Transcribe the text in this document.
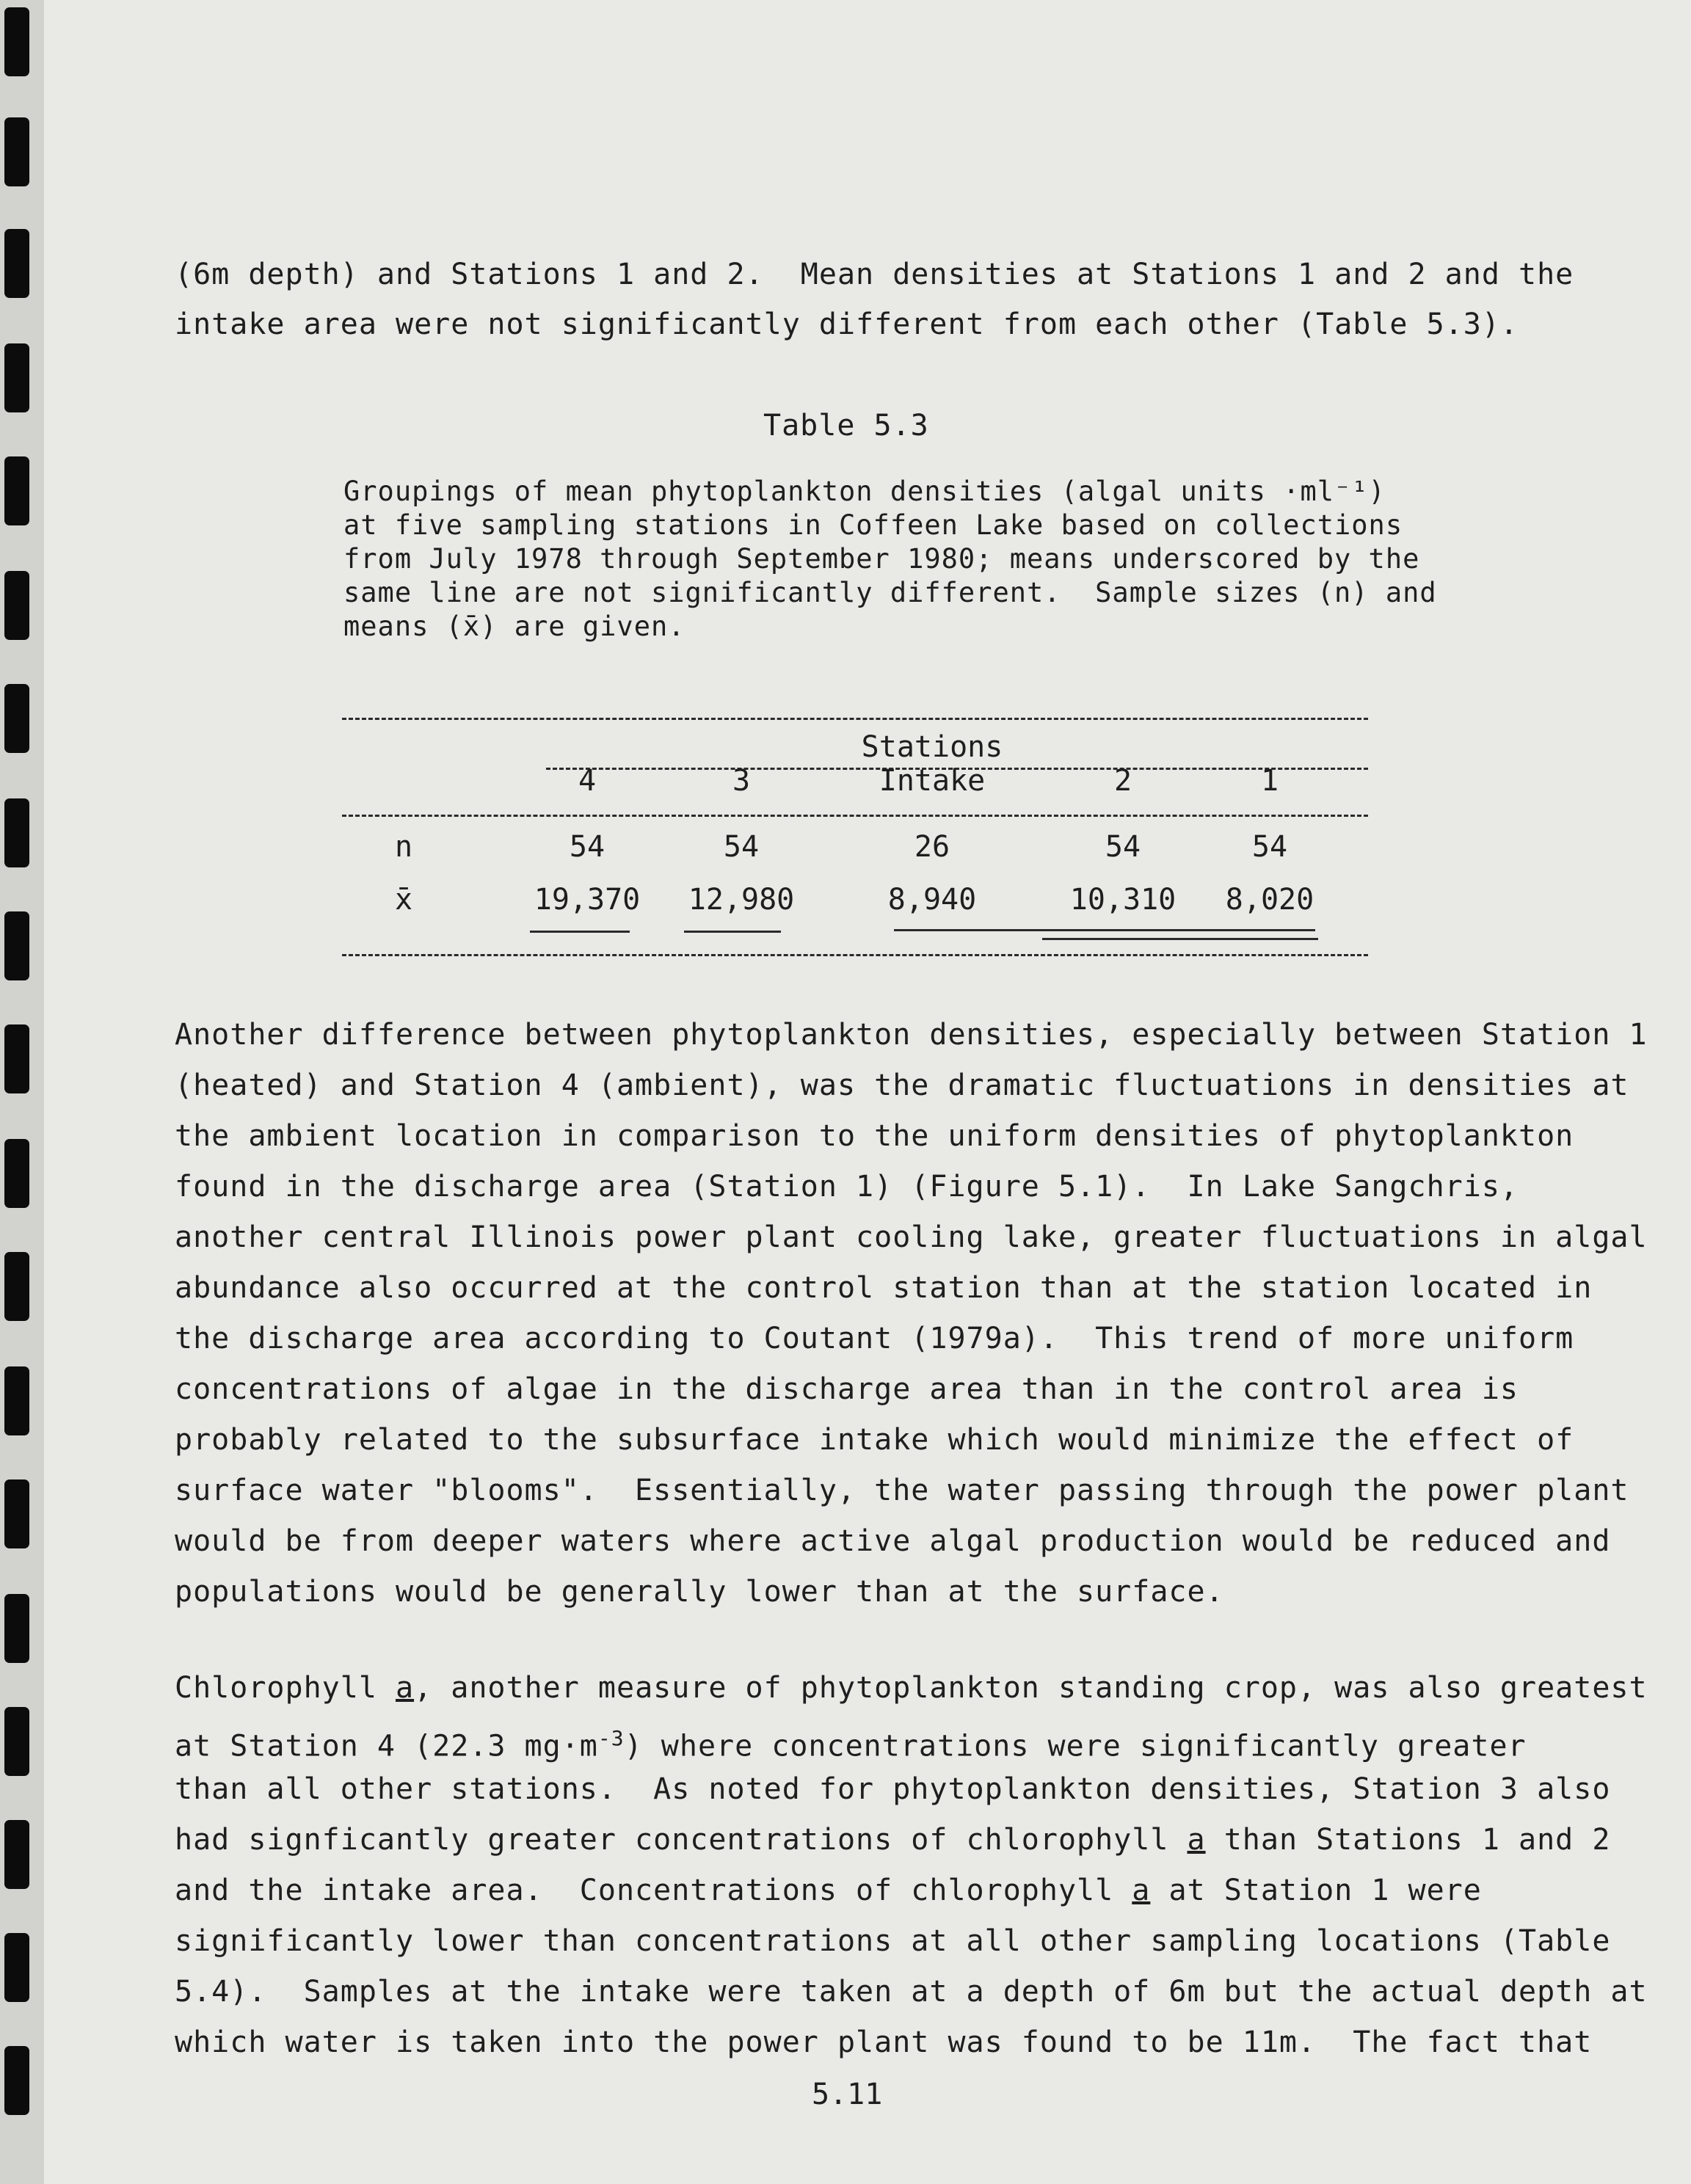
(6m depth) and Stations 1 and 2.  Mean densities at Stations 1 and 2 and the
intake area were not significantly different from each other (Table 5.3).
Table 5.3
Groupings of mean phytoplankton densities (algal units ·ml⁻¹)
at five sampling stations in Coffeen Lake based on collections
from July 1978 through September 1980; means underscored by the
same line are not significantly different.  Sample sizes (n) and
means (x̄) are given.
Stations
4	3	Intake	2	1
n	54	54	26	54	54
x̄	19,370	12,980	8,940	10,310	8,020
Another difference between phytoplankton densities, especially between Station 1
(heated) and Station 4 (ambient), was the dramatic fluctuations in densities at
the ambient location in comparison to the uniform densities of phytoplankton
found in the discharge area (Station 1) (Figure 5.1).  In Lake Sangchris,
another central Illinois power plant cooling lake, greater fluctuations in algal
abundance also occurred at the control station than at the station located in
the discharge area according to Coutant (1979a).  This trend of more uniform
concentrations of algae in the discharge area than in the control area is
probably related to the subsurface intake which would minimize the effect of
surface water "blooms".  Essentially, the water passing through the power plant
would be from deeper waters where active algal production would be reduced and
populations would be generally lower than at the surface.
Chlorophyll a, another measure of phytoplankton standing crop, was also greatest
at Station 4 (22.3 $mg\cdot m^{-3}$) where concentrations were significantly greater
than all other stations.  As noted for phytoplankton densities, Station 3 also
had signficantly greater concentrations of chlorophyll a than Stations 1 and 2
and the intake area.  Concentrations of chlorophyll a at Station 1 were
significantly lower than concentrations at all other sampling locations (Table
5.4).  Samples at the intake were taken at a depth of 6m but the actual depth at
which water is taken into the power plant was found to be 11m.  The fact that
5.11
